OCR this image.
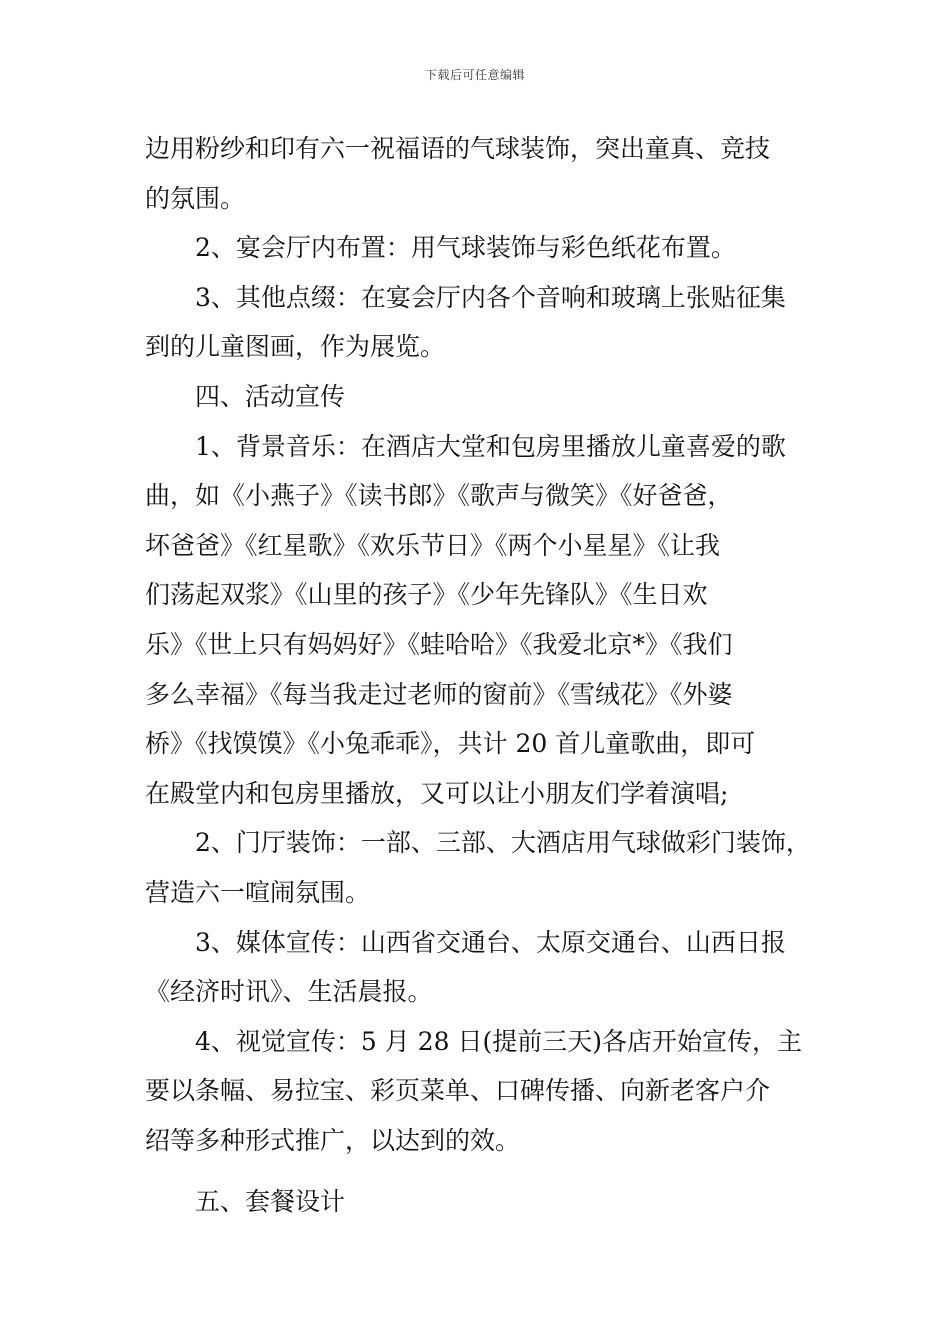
下载后可任意编辑
边用粉纱和印有六一祝福语的气球装饰，突出童真、竞技
的氛围。
　　2、宴会厅内布置：用气球装饰与彩色纸花布置。
　　3、其他点缀：在宴会厅内各个音响和玻璃上张贴征集
到的儿童图画，作为展览。
　　四、活动宣传
　　1、背景音乐：在酒店大堂和包房里播放儿童喜爱的歌
曲，如《小燕子》《读书郎》《歌声与微笑》《好爸爸，
坏爸爸》《红星歌》《欢乐节日》《两个小星星》《让我
们荡起双浆》《山里的孩子》《少年先锋队》《生日欢
乐》《世上只有妈妈好》《蛙哈哈》《我爱北京*》《我们
多么幸福》《每当我走过老师的窗前》《雪绒花》《外婆
桥》《找馍馍》《小兔乖乖》，共计 20 首儿童歌曲，即可
在殿堂内和包房里播放，又可以让小朋友们学着演唱;
　　2、门厅装饰：一部、三部、大酒店用气球做彩门装饰，
营造六一喧闹氛围。
　　3、媒体宣传：山西省交通台、太原交通台、山西日报
《经济时讯》、生活晨报。
　　4、视觉宣传：5 月 28 日(提前三天)各店开始宣传，主
要以条幅、易拉宝、彩页菜单、口碑传播、向新老客户介
绍等多种形式推广，以达到的效。
　　五、套餐设计
